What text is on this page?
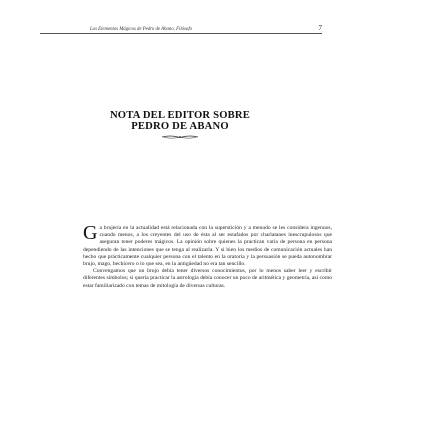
Los Elementos Mágicos de Pedro de Abano, Filósofo	7
NOTA DEL EDITOR SOBRE
PEDRO DE ABANO

G a brujería en la actualidad está relacionada con la superstición y a menudo se les considera ingenuos, cuando menos, a los creyentes del uso de ésta al ser estafados por charlatanes inescrupulosos que aseguran tener poderes mágicos. La opinión sobre quienes la practican varía de persona en persona dependiendo de las intenciones que se tenga al realizarla. Y si bien los medios de comunicación actuales han hecho que prácticamente cualquier persona con el talento en la oratoria y la persuasión se pueda autonombrar brujo, mago, hechicero o lo que sea, en la antigüedad no era tan sencillo.

Convengamos que un brujo debía tener diversos conocimientos, por lo menos saber leer y escribir diferentes símbolos; si quería practicar la astrología debía conocer un poco de aritmética y geometría, así como estar familiarizado con temas de mitología de diversas culturas.
